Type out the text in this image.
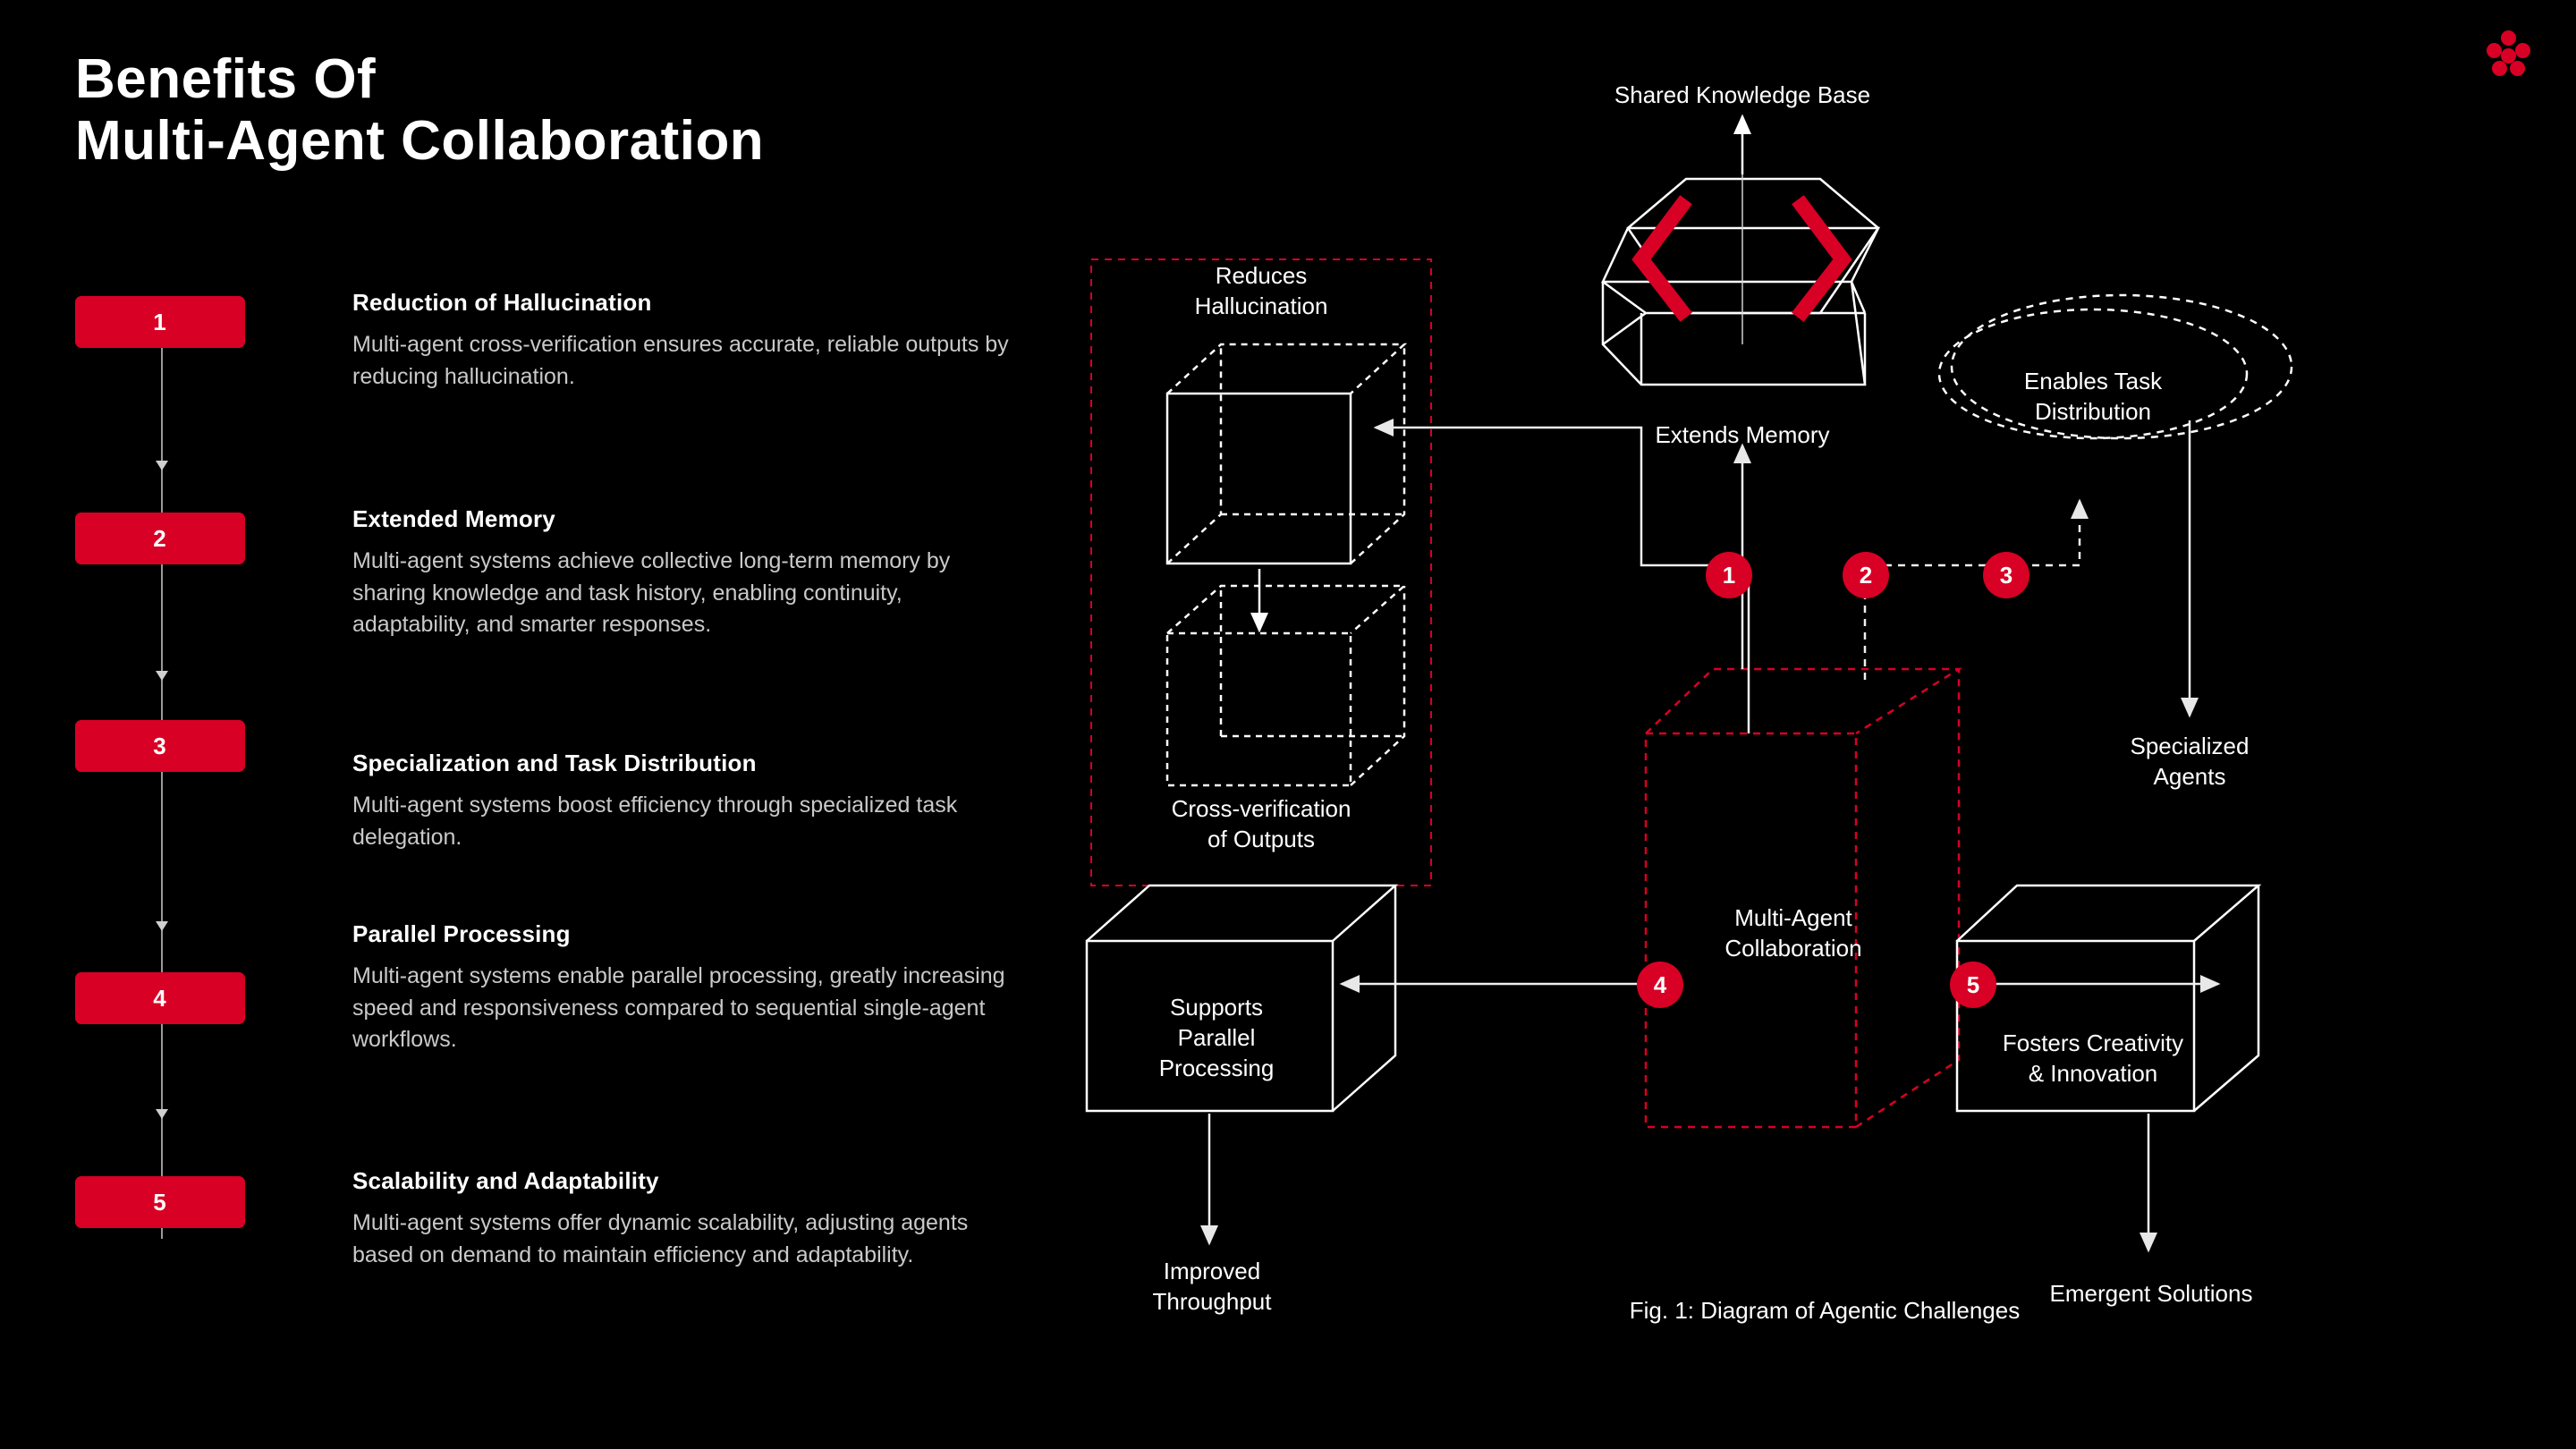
Benefits Of
Multi-Agent Collaboration
1
2
3
4
5
Reduction of Hallucination

Multi-agent cross-verification ensures accurate, reliable outputs by reducing hallucination.

Extended Memory

Multi-agent systems achieve collective long-term memory by sharing knowledge and task history, enabling continuity, adaptability, and smarter responses.

Specialization and Task Distribution

Multi-agent systems boost efficiency through specialized task delegation.

Parallel Processing

Multi-agent systems enable parallel processing, greatly increasing speed and responsiveness compared to sequential single-agent workflows.

Scalability and Adaptability

Multi-agent systems offer dynamic scalability, adjusting agents based on demand to maintain efficiency and adaptability.

1	2	3
4	5
Reduces
Hallucination
Cross-verification
of Outputs
Shared Knowledge Base
Extends Memory
Enables Task
Distribution
Specialized
Agents
Supports
Parallel
Processing
Improved
Throughput
Fosters Creativity
& Innovation
Emergent Solutions
Multi-Agent
Collaboration
Fig. 1: Diagram of Agentic Challenges
